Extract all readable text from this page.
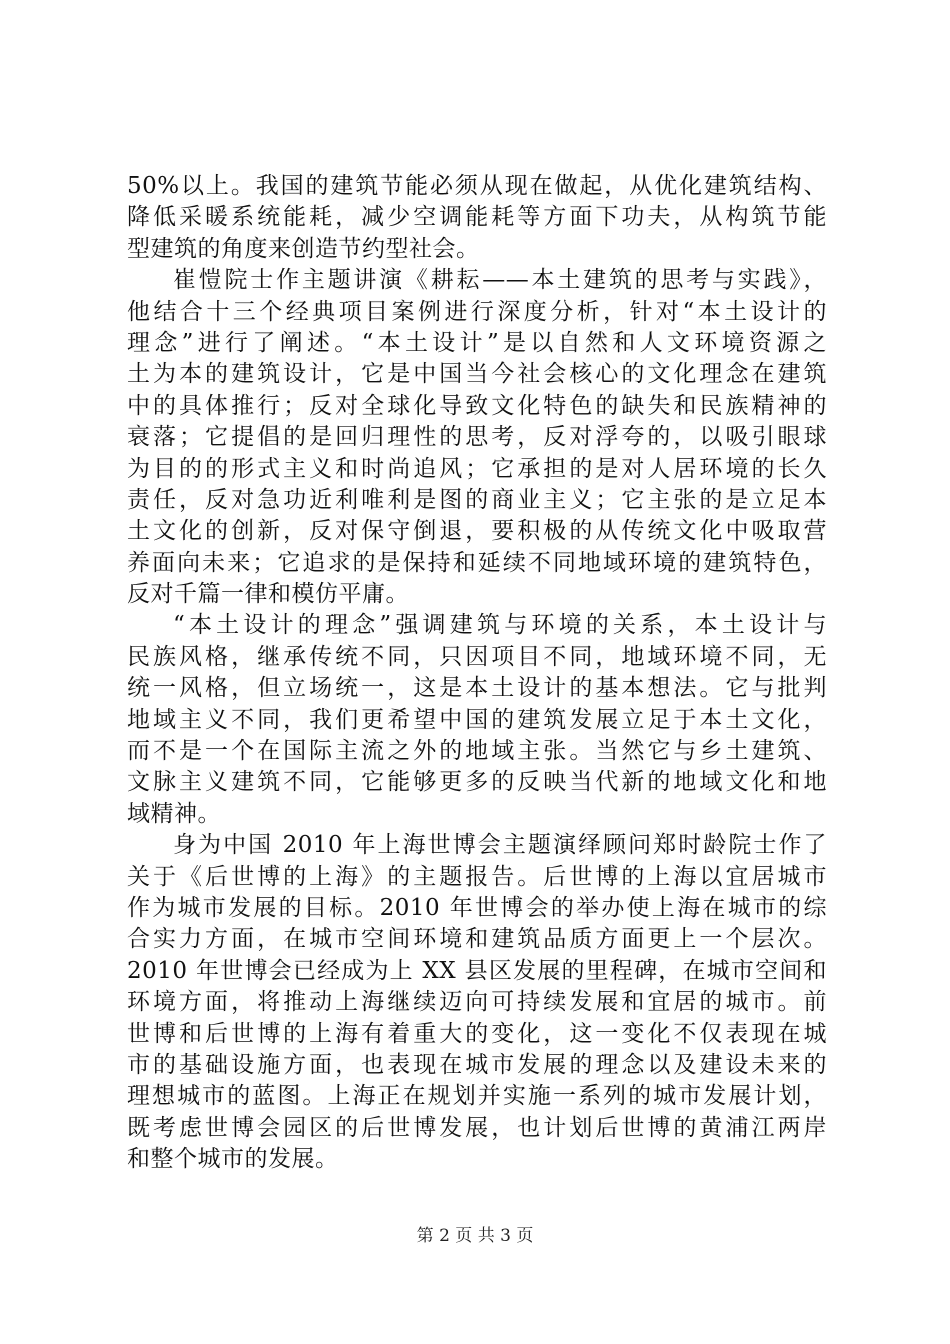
50%以上。我国的建筑节能必须从现在做起，从优化建筑结构、
降低采暖系统能耗，减少空调能耗等方面下功夫，从构筑节能
型建筑的角度来创造节约型社会。
崔愷院士作主题讲演《耕耘——本土建筑的思考与实践》，
他结合十三个经典项目案例进行深度分析，针对“本土设计的
理念”进行了阐述。“本土设计”是以自然和人文环境资源之
土为本的建筑设计，它是中国当今社会核心的文化理念在建筑
中的具体推行；反对全球化导致文化特色的缺失和民族精神的
衰落；它提倡的是回归理性的思考，反对浮夸的，以吸引眼球
为目的的形式主义和时尚追风；它承担的是对人居环境的长久
责任，反对急功近利唯利是图的商业主义；它主张的是立足本
土文化的创新，反对保守倒退，要积极的从传统文化中吸取营
养面向未来；它追求的是保持和延续不同地域环境的建筑特色，
反对千篇一律和模仿平庸。
“本土设计的理念”强调建筑与环境的关系，本土设计与
民族风格，继承传统不同，只因项目不同，地域环境不同，无
统一风格，但立场统一，这是本土设计的基本想法。它与批判
地域主义不同，我们更希望中国的建筑发展立足于本土文化，
而不是一个在国际主流之外的地域主张。当然它与乡土建筑、
文脉主义建筑不同，它能够更多的反映当代新的地域文化和地
域精神。
身为中国 2010 年上海世博会主题演绎顾问郑时龄院士作了
关于《后世博的上海》的主题报告。后世博的上海以宜居城市
作为城市发展的目标。2010 年世博会的举办使上海在城市的综
合实力方面，在城市空间环境和建筑品质方面更上一个层次。
2010 年世博会已经成为上 XX 县区发展的里程碑，在城市空间和
环境方面，将推动上海继续迈向可持续发展和宜居的城市。前
世博和后世博的上海有着重大的变化，这一变化不仅表现在城
市的基础设施方面，也表现在城市发展的理念以及建设未来的
理想城市的蓝图。上海正在规划并实施一系列的城市发展计划，
既考虑世博会园区的后世博发展，也计划后世博的黄浦江两岸
和整个城市的发展。
第 2 页 共 3 页
